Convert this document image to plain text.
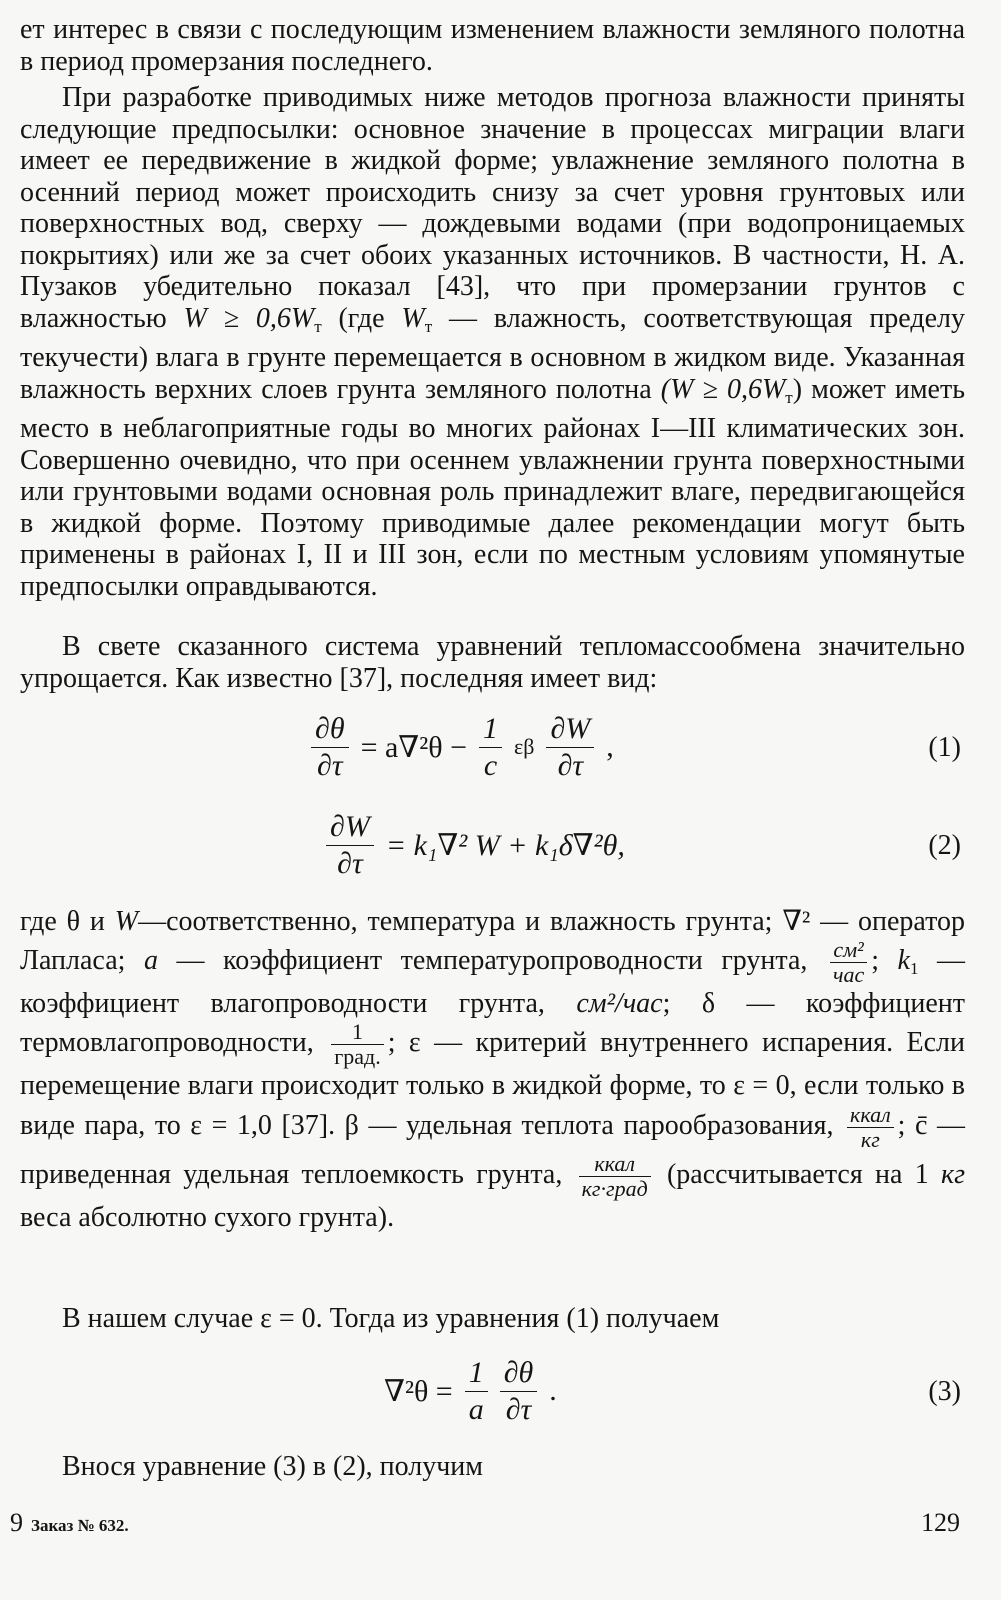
ет интерес в связи с последующим изменением влажности земляного полотна в период промерзания последнего.

При разработке приводимых ниже методов прогноза влажности приняты следующие предпосылки: основное значение в процессах миграции влаги имеет ее передвижение в жидкой форме; увлажнение земляного полотна в осенний период может происходить снизу за счет уровня грунтовых или поверхностных вод, сверху — дождевыми водами (при водопроницаемых покрытиях) или же за счет обоих указанных источников. В частности, Н. А. Пузаков убедительно показал [43], что при промерзании грунтов с влажностью $W \ge 0,6W_т$ (где $W_т$ — влажность, соответствующая пределу текучести) влага в грунте перемещается в основном в жидком виде. Указанная влажность верхних слоев грунта земляного полотна $(W \ge 0,6W_т)$ может иметь место в неблагоприятные годы во многих районах I—III климатических зон. Совершенно очевидно, что при осеннем увлажнении грунта поверхностными или грунтовыми водами основная роль принадлежит влаге, передвигающейся в жидкой форме. Поэтому приводимые далее рекомендации могут быть применены в районах I, II и III зон, если по местным условиям упомянутые предпосылки оправдываются.

В свете сказанного система уравнений тепломассообмена значительно упрощается. Как известно [37], последняя имеет вид:

$\frac{\partial\theta}{\partial\tau} = a\nabla^2\theta - \frac{1}{c}$ εβ $\frac{\partial W}{\partial\tau}$ ,	(1)
$\frac{\partial W}{\partial\tau} = k_1\nabla^2$ W + k₁δ∇²θ,	(2)

где θ и W—соответственно, температура и влажность грунта; ∇² — оператор Лапласа; a — коэффициент температуропроводности грунта, $\frac{\text{см²}}{\text{час}}$ ; $k_1$ — коэффициент влагопроводности грунта, см²/час; δ — коэффициент термовлагопроводности, $\frac{1}{\text{град.}}$ ; ε — критерий внутреннего испарения. Если перемещение влаги происходит только в жидкой форме, то ε = 0, если только в виде пара, то ε = 1,0 [37]. β — удельная теплота парообразования, $\frac{\text{ккал}}{кг}$ ; c̄ — приведенная удельная теплоемкость грунта, $\frac{\text{ккал}}{\text{кг·град}}$ (рассчитывается на 1 кг веса абсолютно сухого грунта).

В нашем случае ε = 0. Тогда из уравнения (1) получаем

$\nabla^2\theta = \frac{1}{a} \frac{\partial\theta}{\partial\tau}$ .	(3)

Внося уравнение (3) в (2), получим

9 Заказ № 632.	129
